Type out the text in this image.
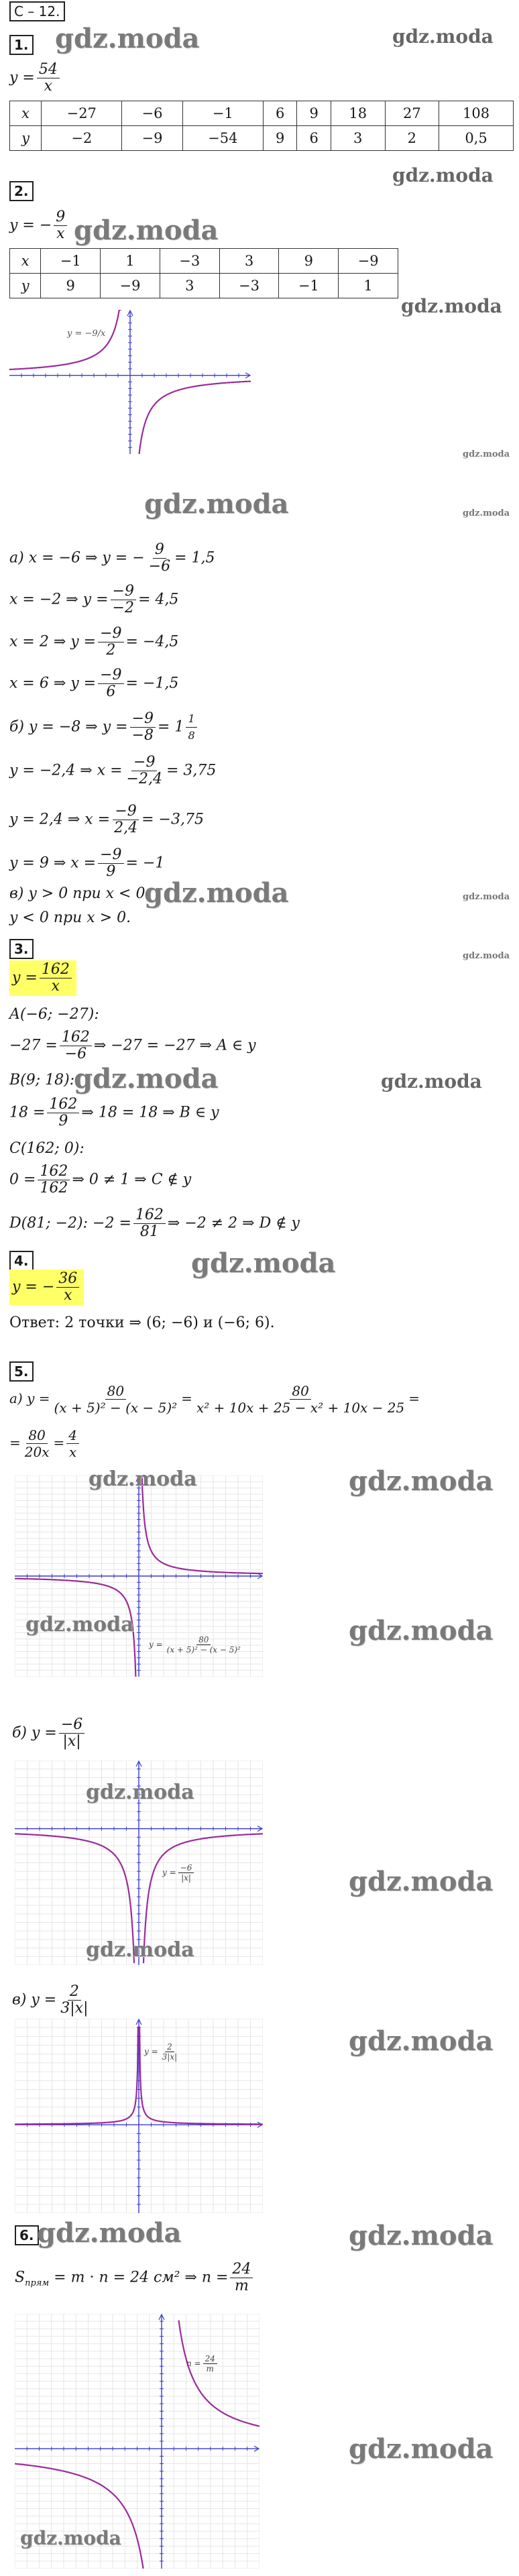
С – 12.
gdz.moda	gdz.moda
1.
$y = \frac{54}{x}$
x	−27	−6	−1	6	9	18	27	108
y	−2	−9	−54	9	6	3	2	0,5
gdz.moda
2.
y = − $\frac{9}{x}$ gdz.moda
x	−1	1	−3	3	9	−9
y	9	−9	3	−3	−1	1
gdz.moda
y = −9/x
gdz.moda
gdz.moda	gdz.moda
а) x = −6 ⇒ y = − $\frac{9}{-6} = 1,5$
x = −2 ⇒ $y = \frac{-9}{-2} = 4,5$
x = 2 ⇒ $y = \frac{-9}{2} = -4,5$
x = 6 ⇒ $y = \frac{-9}{6} = -1,5$
б) y = −8 ⇒ $y = \frac{-9}{-8} = 1 \frac{1}{8}$
y = −2,4 ⇒ $x = \frac{-9}{-2,4} = 3,75$
y = 2,4 ⇒ $x = \frac{-9}{2,4} = -3,75$
y = 9 ⇒ $x = \frac{-9}{9} = -1$
в) y > 0 при x < 0
gdz.moda	gdz.moda
y < 0 при x > 0.
gdz.moda
3.
$y = \frac{162}{x}$
A(−6; −27):
$-27 = \frac{162}{-6}$ ⇒ −27 = −27 ⇒ A ∈ y
B(9; 18):
gdz.moda	gdz.moda
$18 = \frac{162}{9}$ ⇒ 18 = 18 ⇒ B ∈ y
C(162; 0):
$0 = \frac{162}{162}$ ⇒ 0 ≠ 1 ⇒ C ∉ y
D(81; −2): $-2 = \frac{162}{81}$ ⇒ −2 ≠ 2 ⇒ D ∉ y
4.	gdz.moda
y = − $\frac{36}{x}$
Ответ: 2 точки ⇒ (6; −6) и (−6; 6).
5.
а) $y = \frac{80}{\text{(x + 5)² − (x − 5)²}} = \frac{80}{\text{x² + 10x + 25 − x² + 10x − 25}}$ =
= $\frac{80}{20x} = \frac{4}{x}$
gdz.moda	gdz.moda
gdz.moda	gdz.moda
$y = \frac{80}{\text{(x + 5)² − (x − 5)²}}$
б) $y = \frac{-6}{|x|}$
gdz.moda
gdz.moda
$y = \frac{-6}{|x|}$
gdz.moda
в) $y = \frac{2}{3|x|}$
gdz.moda
$y = \frac{2}{3|x|}$
6. gdz.moda	gdz.moda
$S_{прям} = m \cdot n = 24$ см² ⇒ $n = \frac{24}{m}$
$n = \frac{24}{m}$
gdz.moda
gdz.moda
